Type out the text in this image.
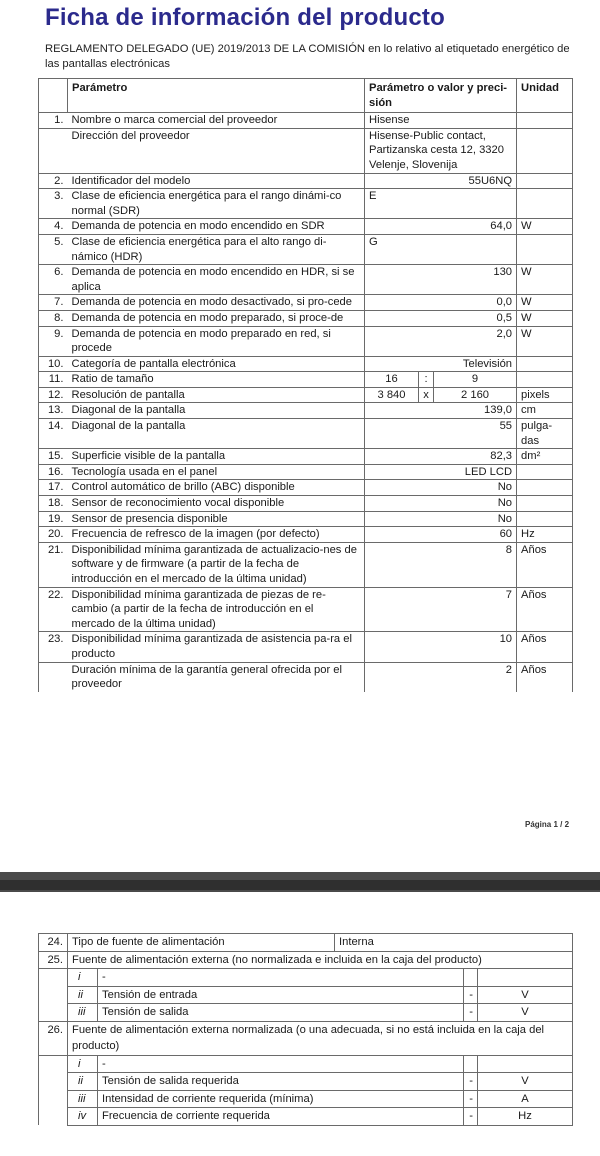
Ficha de información del producto
REGLAMENTO DELEGADO (UE) 2019/2013 DE LA COMISIÓN en lo relativo al etiquetado energético de las pantallas electrónicas
	Parámetro	Parámetro o valor y preci-sión			Unidad
1.	Nombre o marca comercial del proveedor	Hisense			
	Dirección del proveedor	Hisense-Public contact, Partizanska cesta 12, 3320 Velenje, Slovenija			
2.	Identificador del modelo	55U6NQ			
3.	Clase de eficiencia energética para el rango dinámi-co normal (SDR)	E			
4.	Demanda de potencia en modo encendido en SDR	64,0			W
5.	Clase de eficiencia energética para el alto rango di-námico (HDR)	G			
6.	Demanda de potencia en modo encendido en HDR, si se aplica	130			W
7.	Demanda de potencia en modo desactivado, si pro-cede	0,0			W
8.	Demanda de potencia en modo preparado, si proce-de	0,5			W
9.	Demanda de potencia en modo preparado en red, si procede	2,0			W
10.	Categoría de pantalla electrónica	Televisión			
11.	Ratio de tamaño	16	:	9	
12.	Resolución de pantalla	3 840	x	2 160	pixels
13.	Diagonal de la pantalla	139,0			cm
14.	Diagonal de la pantalla	55			pulga-das
15.	Superficie visible de la pantalla	82,3			dm²
16.	Tecnología usada en el panel	LED LCD			
17.	Control automático de brillo (ABC) disponible	No			
18.	Sensor de reconocimiento vocal disponible	No			
19.	Sensor de presencia disponible	No			
20.	Frecuencia de refresco de la imagen (por defecto)	60			Hz
21.	Disponibilidad mínima garantizada de actualizacio-nes de software y de firmware (a partir de la fecha de introducción en el mercado de la última unidad)	8			Años
22.	Disponibilidad mínima garantizada de piezas de re-cambio (a partir de la fecha de introducción en el mercado de la última unidad)	7			Años
23.	Disponibilidad mínima garantizada de asistencia pa-ra el producto	10			Años
	Duración mínima de la garantía general ofrecida por el proveedor	2			Años
Página 1 / 2
24.	Tipo de fuente de alimentación		Interna		
25.	Fuente de alimentación externa (no normalizada e incluida en la caja del producto)				
	i	-			
	ii	Tensión de entrada		-	V
	iii	Tensión de salida		-	V
26.	Fuente de alimentación externa normalizada (o una adecuada, si no está incluida en la caja del producto)				
	i	-			
	ii	Tensión de salida requerida		-	V
	iii	Intensidad de corriente requerida (mínima)		-	A
	iv	Frecuencia de corriente requerida		-	Hz
